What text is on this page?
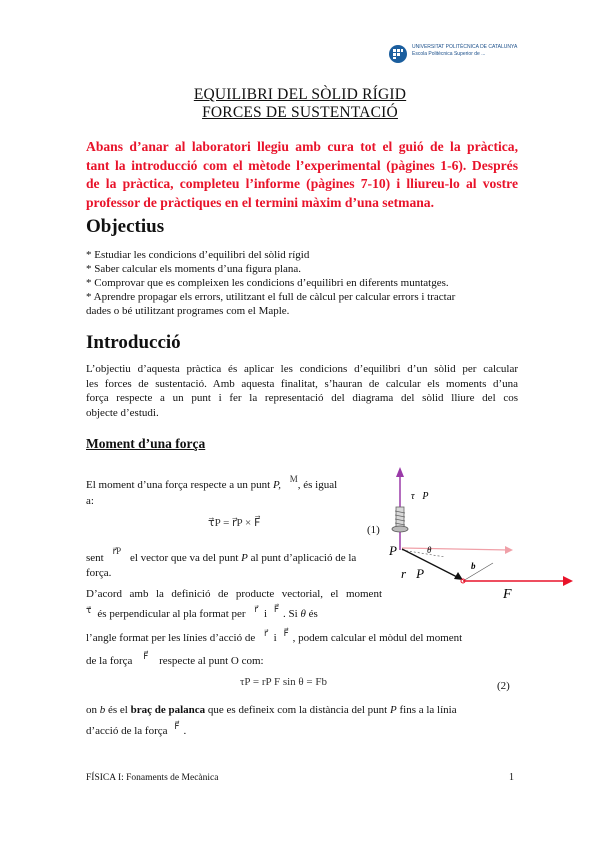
UNIVERSITAT POLITÈCNICA DE CATALUNYA
Escola Politècnica Superior de ...
EQUILIBRI DEL SÒLID RÍGID
FORCES DE SUSTENTACIÓ
Abans d’anar al laboratori llegiu amb cura tot el guió de la pràctica,
tant la introducció com el mètode l’experimental (pàgines 1-6). Després
de la pràctica, completeu l’informe (pàgines 7-10) i lliureu-lo al vostre
professor de pràctiques en el termini màxim d’una setmana.
Objectius
* Estudiar les condicions d’equilibri del sòlid rígid
* Saber calcular els moments d’una figura plana.
* Comprovar que es compleixen les condicions d’equilibri en diferents muntatges.
* Aprendre propagar els errors, utilitzant el full de càlcul per calcular errors i tractar
dades o bé utilitzant programes com el Maple.
Introducció
L’objectiu d’aquesta pràctica és aplicar les condicions d’equilibri d’un sòlid per calcular
les forces de sustentació. Amb aquesta finalitat, s’hauran de calcular els moments d’una
força respecte a un punt i fer la representació del diagrama del sòlid lliure del cos
objecte d’estudi.
Moment d’una força
El moment d’una força respecte a un punt P, $^M$, és igual
a:
τ⃗P = r⃗P × F⃗
(1)
sent $^{r⃗P}$ el vector que va del punt P al punt d’aplicació de la
força.
D’acord amb la definició de producte vectorial, el moment
$^{\tau⃗}$ és perpendicular al pla format per $^{r⃗}$ i $^{F⃗}$ . Si θ és
l’angle format per les línies d’acció de $^{r⃗}$ i $^{F⃗}$ , podem calcular el mòdul del moment
de la força $^{F⃗}$ respecte al punt O com:
τP = rP F sin θ = Fb	(2)
on b és el braç de palanca que es defineix com la distància del punt P fins a la línia
d’acció de la força $^{F⃗}$ .
τ⃗P
P	θ
r⃗P	b
F⃗
FÍSICA I: Fonaments de Mecànica	1
